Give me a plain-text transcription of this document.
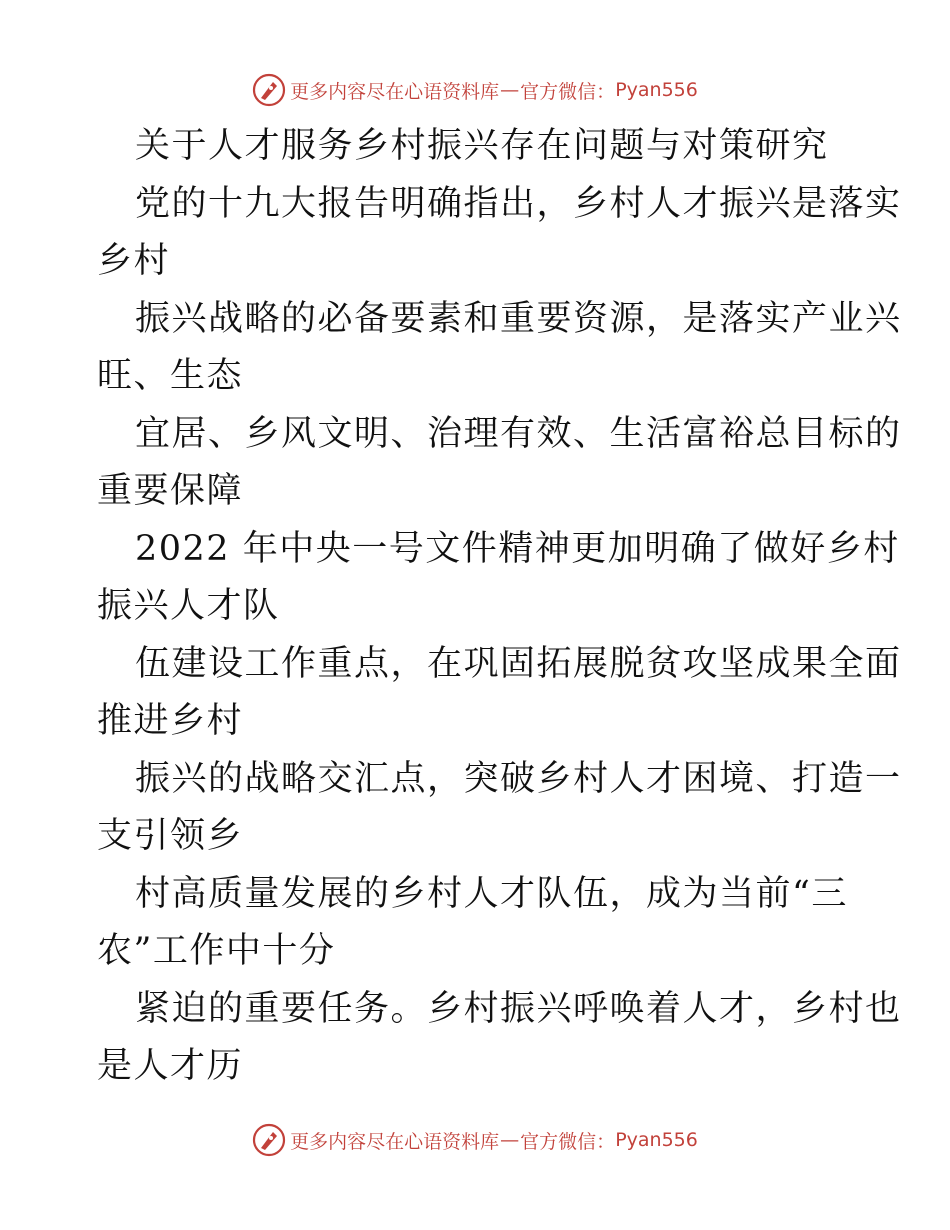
更多内容尽在心语资料库 — 官方微信： Pyan556
关于人才服务乡村振兴存在问题与对策研究
党的十九大报告明确指出，乡村人才振兴是落实
乡村
振兴战略的必备要素和重要资源，是落实产业兴
旺、生态
宜居、乡风文明、治理有效、生活富裕总目标的
重要保障
2022 年中央一号文件精神更加明确了做好乡村
振兴人才队
伍建设工作重点，在巩固拓展脱贫攻坚成果全面
推进乡村
振兴的战略交汇点，突破乡村人才困境、打造一
支引领乡
村高质量发展的乡村人才队伍，成为当前“三
农”工作中十分
紧迫的重要任务。乡村振兴呼唤着人才，乡村也
是人才历
更多内容尽在心语资料库 — 官方微信： Pyan556
